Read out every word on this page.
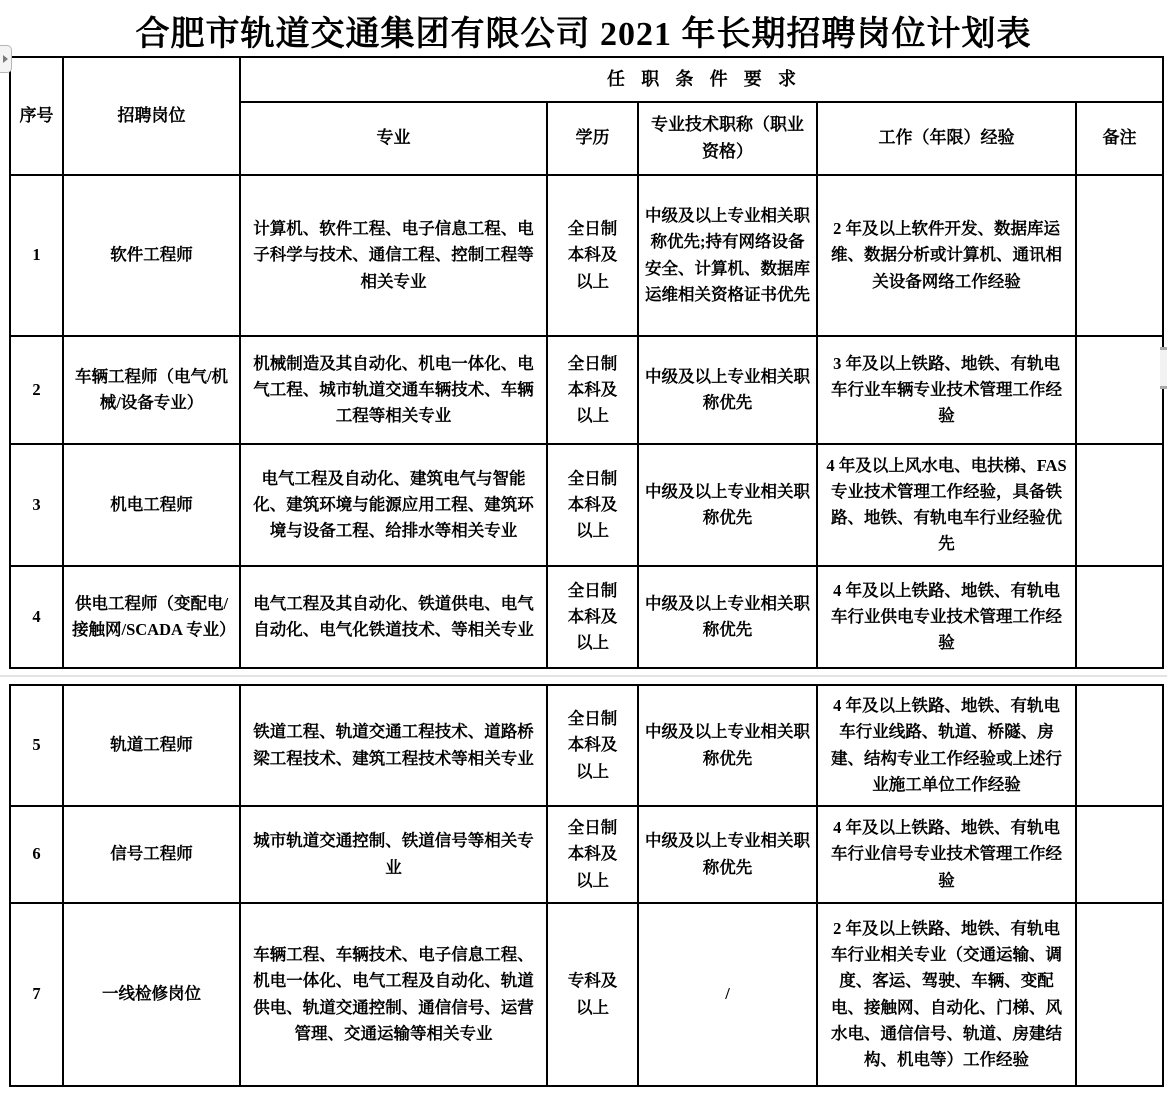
合肥市轨道交通集团有限公司 2021 年长期招聘岗位计划表
序号	招聘岗位	任职条件要求				
		专业	学历	专业技术职称（职业资格）	工作（年限）经验	备注
1	软件工程师	计算机、软件工程、电子信息工程、电子科学与技术、通信工程、控制工程等相关专业	全日制本科及以上	中级及以上专业相关职称优先;持有网络设备安全、计算机、数据库运维相关资格证书优先	2 年及以上软件开发、数据库运维、数据分析或计算机、通讯相关设备网络工作经验	
2	车辆工程师（电气/机械/设备专业）	机械制造及其自动化、机电一体化、电气工程、城市轨道交通车辆技术、车辆工程等相关专业	全日制本科及以上	中级及以上专业相关职称优先	3 年及以上铁路、地铁、有轨电车行业车辆专业技术管理工作经验	
3	机电工程师	电气工程及自动化、建筑电气与智能化、建筑环境与能源应用工程、建筑环境与设备工程、给排水等相关专业	全日制本科及以上	中级及以上专业相关职称优先	4 年及以上风水电、电扶梯、FAS 专业技术管理工作经验，具备铁路、地铁、有轨电车行业经验优先	
4	供电工程师（变配电/接触网/SCADA 专业）	电气工程及其自动化、铁道供电、电气自动化、电气化铁道技术、等相关专业	全日制本科及以上	中级及以上专业相关职称优先	4 年及以上铁路、地铁、有轨电车行业供电专业技术管理工作经验	
5	轨道工程师	铁道工程、轨道交通工程技术、道路桥梁工程技术、建筑工程技术等相关专业	全日制本科及以上	中级及以上专业相关职称优先	4 年及以上铁路、地铁、有轨电车行业线路、轨道、桥隧、房建、结构专业工作经验或上述行业施工单位工作经验	
6	信号工程师	城市轨道交通控制、铁道信号等相关专业	全日制本科及以上	中级及以上专业相关职称优先	4 年及以上铁路、地铁、有轨电车行业信号专业技术管理工作经验	
7	一线检修岗位	车辆工程、车辆技术、电子信息工程、机电一体化、电气工程及自动化、轨道供电、轨道交通控制、通信信号、运营管理、交通运输等相关专业	专科及以上	/	2 年及以上铁路、地铁、有轨电车行业相关专业（交通运输、调度、客运、驾驶、车辆、变配电、接触网、自动化、门梯、风水电、通信信号、轨道、房建结构、机电等）工作经验	
